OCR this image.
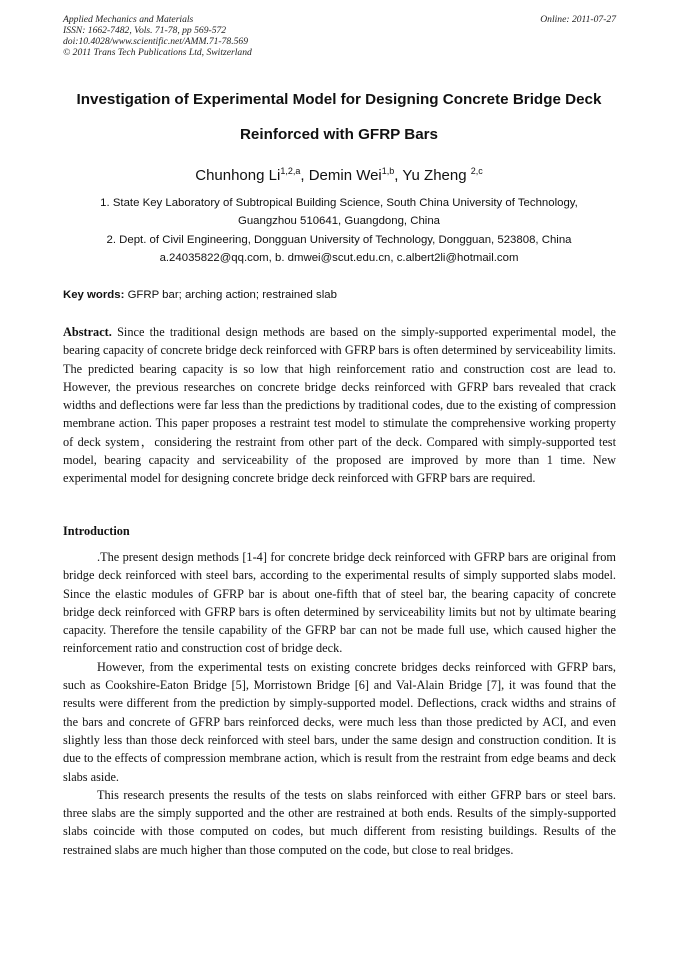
Applied Mechanics and Materials
ISSN: 1662-7482, Vols. 71-78, pp 569-572
doi:10.4028/www.scientific.net/AMM.71-78.569
© 2011 Trans Tech Publications Ltd, Switzerland
Online: 2011-07-27
Investigation of Experimental Model for Designing Concrete Bridge Deck
Reinforced with GFRP Bars
Chunhong Li$^{1,2,a}$, Demin Wei$^{1,b}$, Yu Zheng $^{2,c}$
1. State Key Laboratory of Subtropical Building Science, South China University of Technology,
Guangzhou 510641, Guangdong, China
2. Dept. of Civil Engineering, Dongguan University of Technology, Dongguan, 523808, China
a.24035822@qq.com, b. dmwei@scut.edu.cn, c.albert2li@hotmail.com
Key words: GFRP bar; arching action; restrained slab

Abstract. Since the traditional design methods are based on the simply-supported experimental model, the bearing capacity of concrete bridge deck reinforced with GFRP bars is often determined by serviceability limits. The predicted bearing capacity is so low that high reinforcement ratio and construction cost are lead to. However, the previous researches on concrete bridge decks reinforced with GFRP bars revealed that crack widths and deflections were far less than the predictions by traditional codes, due to the existing of compression membrane action. This paper proposes a restraint test model to stimulate the comprehensive working property of deck system，considering the restraint from other part of the deck. Compared with simply-supported test model, bearing capacity and serviceability of the proposed are improved by more than 1 time. New experimental model for designing concrete bridge deck reinforced with GFRP bars are required.

Introduction

.The present design methods [1-4] for concrete bridge deck reinforced with GFRP bars are original from bridge deck reinforced with steel bars, according to the experimental results of simply supported slabs model. Since the elastic modules of GFRP bar is about one-fifth that of steel bar, the bearing capacity of concrete bridge deck reinforced with GFRP bars is often determined by serviceability limits but not by ultimate bearing capacity. Therefore the tensile capability of the GFRP bar can not be made full use, which caused higher the reinforcement ratio and construction cost of bridge deck.

However, from the experimental tests on existing concrete bridges decks reinforced with GFRP bars, such as Cookshire-Eaton Bridge [5], Morristown Bridge [6] and Val-Alain Bridge [7], it was found that the results were different from the prediction by simply-supported model. Deflections, crack widths and strains of the bars and concrete of GFRP bars reinforced decks, were much less than those predicted by ACI, and even slightly less than those deck reinforced with steel bars, under the same design and construction condition. It is due to the effects of compression membrane action, which is result from the restraint from edge beams and deck slabs aside.

This research presents the results of the tests on slabs reinforced with either GFRP bars or steel bars. three slabs are the simply supported and the other are restrained at both ends. Results of the simply-supported slabs coincide with those computed on codes, but much different from resisting buildings. Results of the restrained slabs are much higher than those computed on the code, but close to real bridges.
